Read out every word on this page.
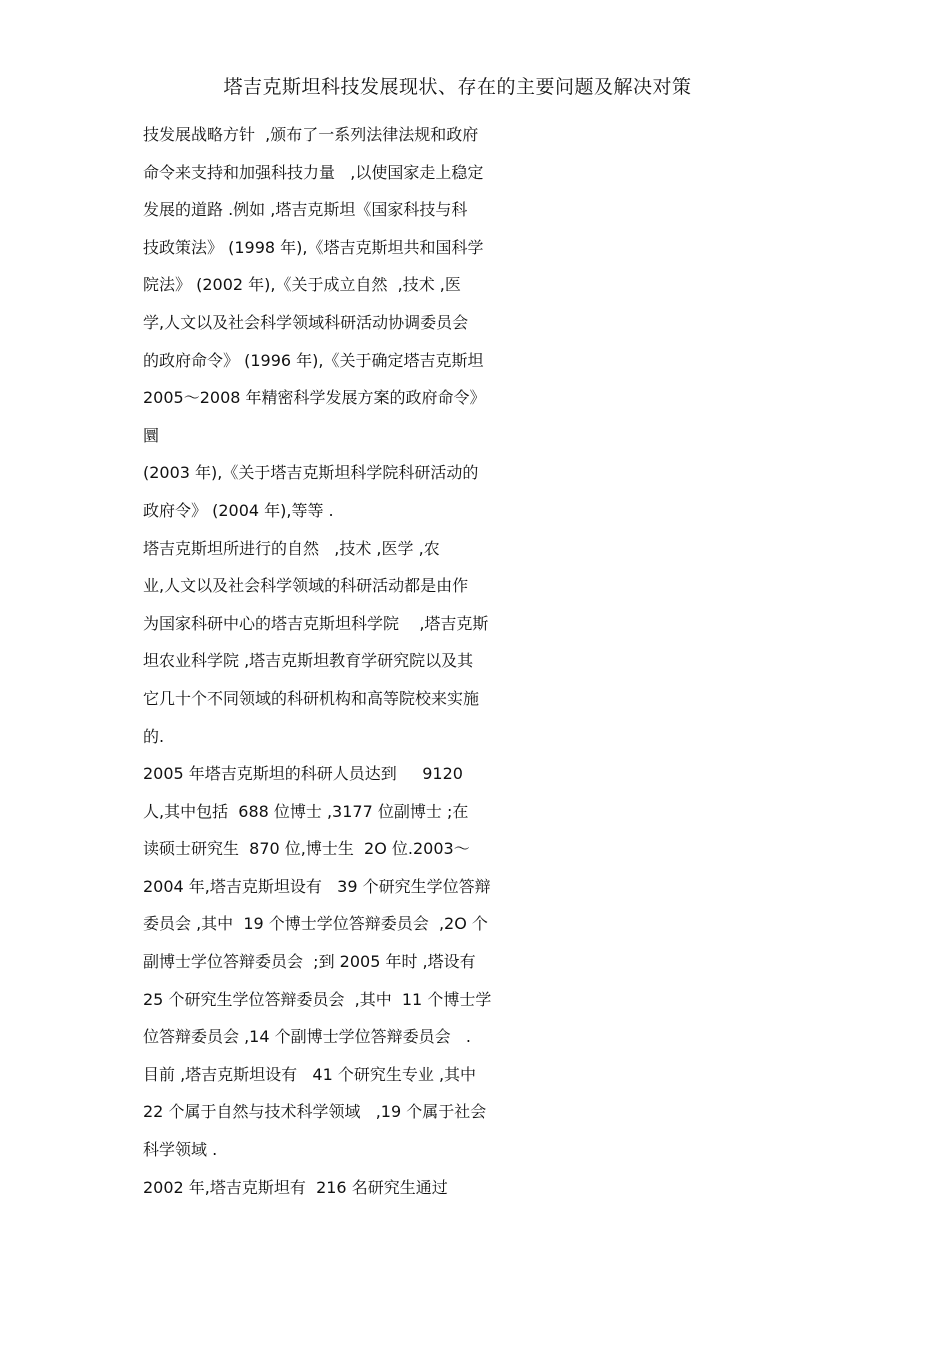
塔吉克斯坦科技发展现状、存在的主要问题及解决对策
技发展战略方针  ,颁布了一系列法律法规和政府
命令来支持和加强科技力量   ,以使国家走上稳定
发展的道路 .例如 ,塔吉克斯坦《国家科技与科
技政策法》 (1998 年),《塔吉克斯坦共和国科学
院法》 (2002 年),《关于成立自然  ,技术 ,医
学,人文以及社会科学领域科研活动协调委员会
的政府命令》 (1996 年),《关于确定塔吉克斯坦
2005～2008 年精密科学发展方案的政府命令》
圜
(2003 年),《关于塔吉克斯坦科学院科研活动的
政府令》 (2004 年),等等 .
塔吉克斯坦所进行的自然   ,技术 ,医学 ,农
业,人文以及社会科学领域的科研活动都是由作
为国家科研中心的塔吉克斯坦科学院    ,塔吉克斯
坦农业科学院 ,塔吉克斯坦教育学研究院以及其
它几十个不同领域的科研机构和高等院校来实施
的.
2005 年塔吉克斯坦的科研人员达到     9120
人,其中包括  688 位博士 ,3177 位副博士 ;在
读硕士研究生  870 位,博士生  2O 位.2003～
2004 年,塔吉克斯坦设有   39 个研究生学位答辩
委员会 ,其中  19 个博士学位答辩委员会  ,2O 个
副博士学位答辩委员会  ;到 2005 年时 ,塔设有
25 个研究生学位答辩委员会  ,其中  11 个博士学
位答辩委员会 ,14 个副博士学位答辩委员会   .
目前 ,塔吉克斯坦设有   41 个研究生专业 ,其中
22 个属于自然与技术科学领域   ,19 个属于社会
科学领域 .
2002 年,塔吉克斯坦有  216 名研究生通过
